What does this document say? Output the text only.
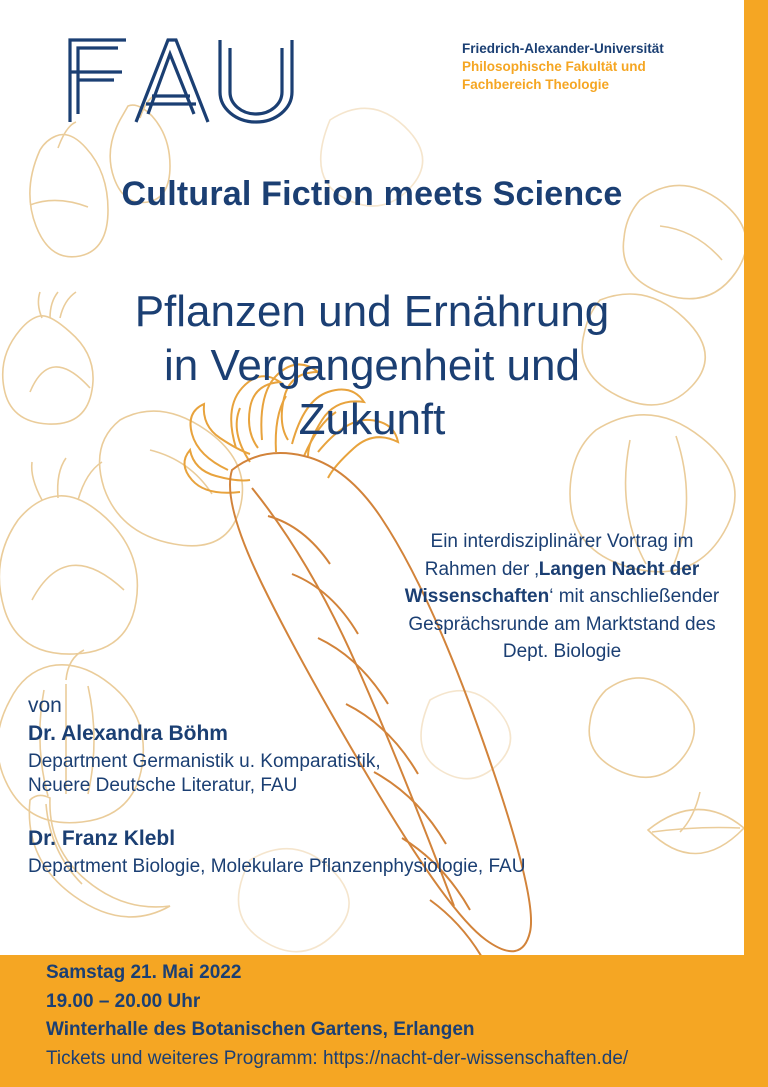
Friedrich-Alexander-Universität
Philosophische Fakultät und
Fachbereich Theologie
Cultural Fiction meets Science
Pflanzen und Ernährung
in Vergangenheit und
Zukunft
Ein interdisziplinärer Vortrag im Rahmen der ‚Langen Nacht der Wissenschaften‘ mit anschließender Gesprächsrunde am Marktstand des Dept. Biologie
von
Dr. Alexandra Böhm
Department Germanistik u. Komparatistik,
Neuere Deutsche Literatur, FAU
Dr. Franz Klebl
Department Biologie, Molekulare Pflanzenphysiologie, FAU
Samstag 21. Mai 2022
19.00 – 20.00 Uhr
Winterhalle des Botanischen Gartens, Erlangen
Tickets und weiteres Programm: https://nacht-der-wissenschaften.de/
